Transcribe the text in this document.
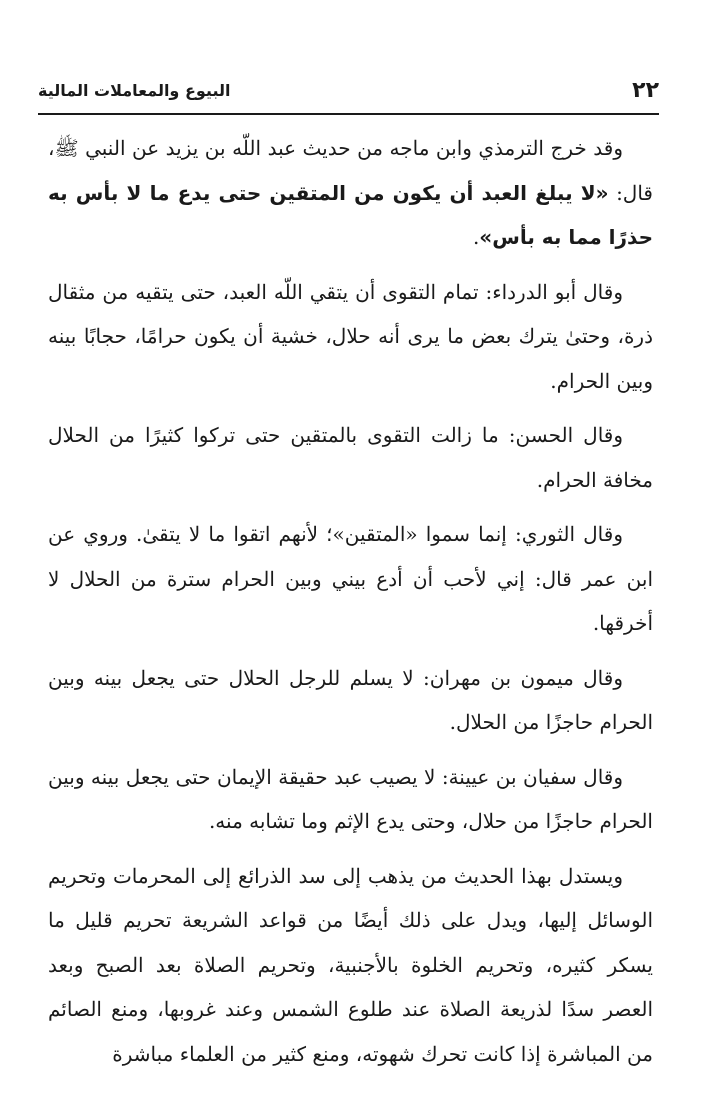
٢٢
البيوع والمعاملات المالية

وقد خرج الترمذي وابن ماجه من حديث عبد اللّه بن يزيد عن النبي ﷺ، قال: «لا يبلغ العبد أن يكون من المتقين حتى يدع ما لا بأس به حذرًا مما به بأس».

وقال أبو الدرداء: تمام التقوى أن يتقي اللّه العبد، حتى يتقيه من مثقال ذرة، وحتىٰ يترك بعض ما يرى أنه حلال، خشية أن يكون حرامًا، حجابًا بينه وبين الحرام.

وقال الحسن: ما زالت التقوى بالمتقين حتى تركوا كثيرًا من الحلال مخافة الحرام.

وقال الثوري: إنما سموا «المتقين»؛ لأنهم اتقوا ما لا يتقىٰ. وروي عن ابن عمر قال: إني لأحب أن أدع بيني وبين الحرام سترة من الحلال لا أخرقها.

وقال ميمون بن مهران: لا يسلم للرجل الحلال حتى يجعل بينه وبين الحرام حاجزًا من الحلال.

وقال سفيان بن عيينة: لا يصيب عبد حقيقة الإيمان حتى يجعل بينه وبين الحرام حاجزًا من حلال، وحتى يدع الإثم وما تشابه منه.

ويستدل بهذا الحديث من يذهب إلى سد الذرائع إلى المحرمات وتحريم الوسائل إليها، ويدل على ذلك أيضًا من قواعد الشريعة تحريم قليل ما يسكر كثيره، وتحريم الخلوة بالأجنبية، وتحريم الصلاة بعد الصبح وبعد العصر سدًا لذريعة الصلاة عند طلوع الشمس وعند غروبها، ومنع الصائم من المباشرة إذا كانت تحرك شهوته، ومنع كثير من العلماء مباشرة
